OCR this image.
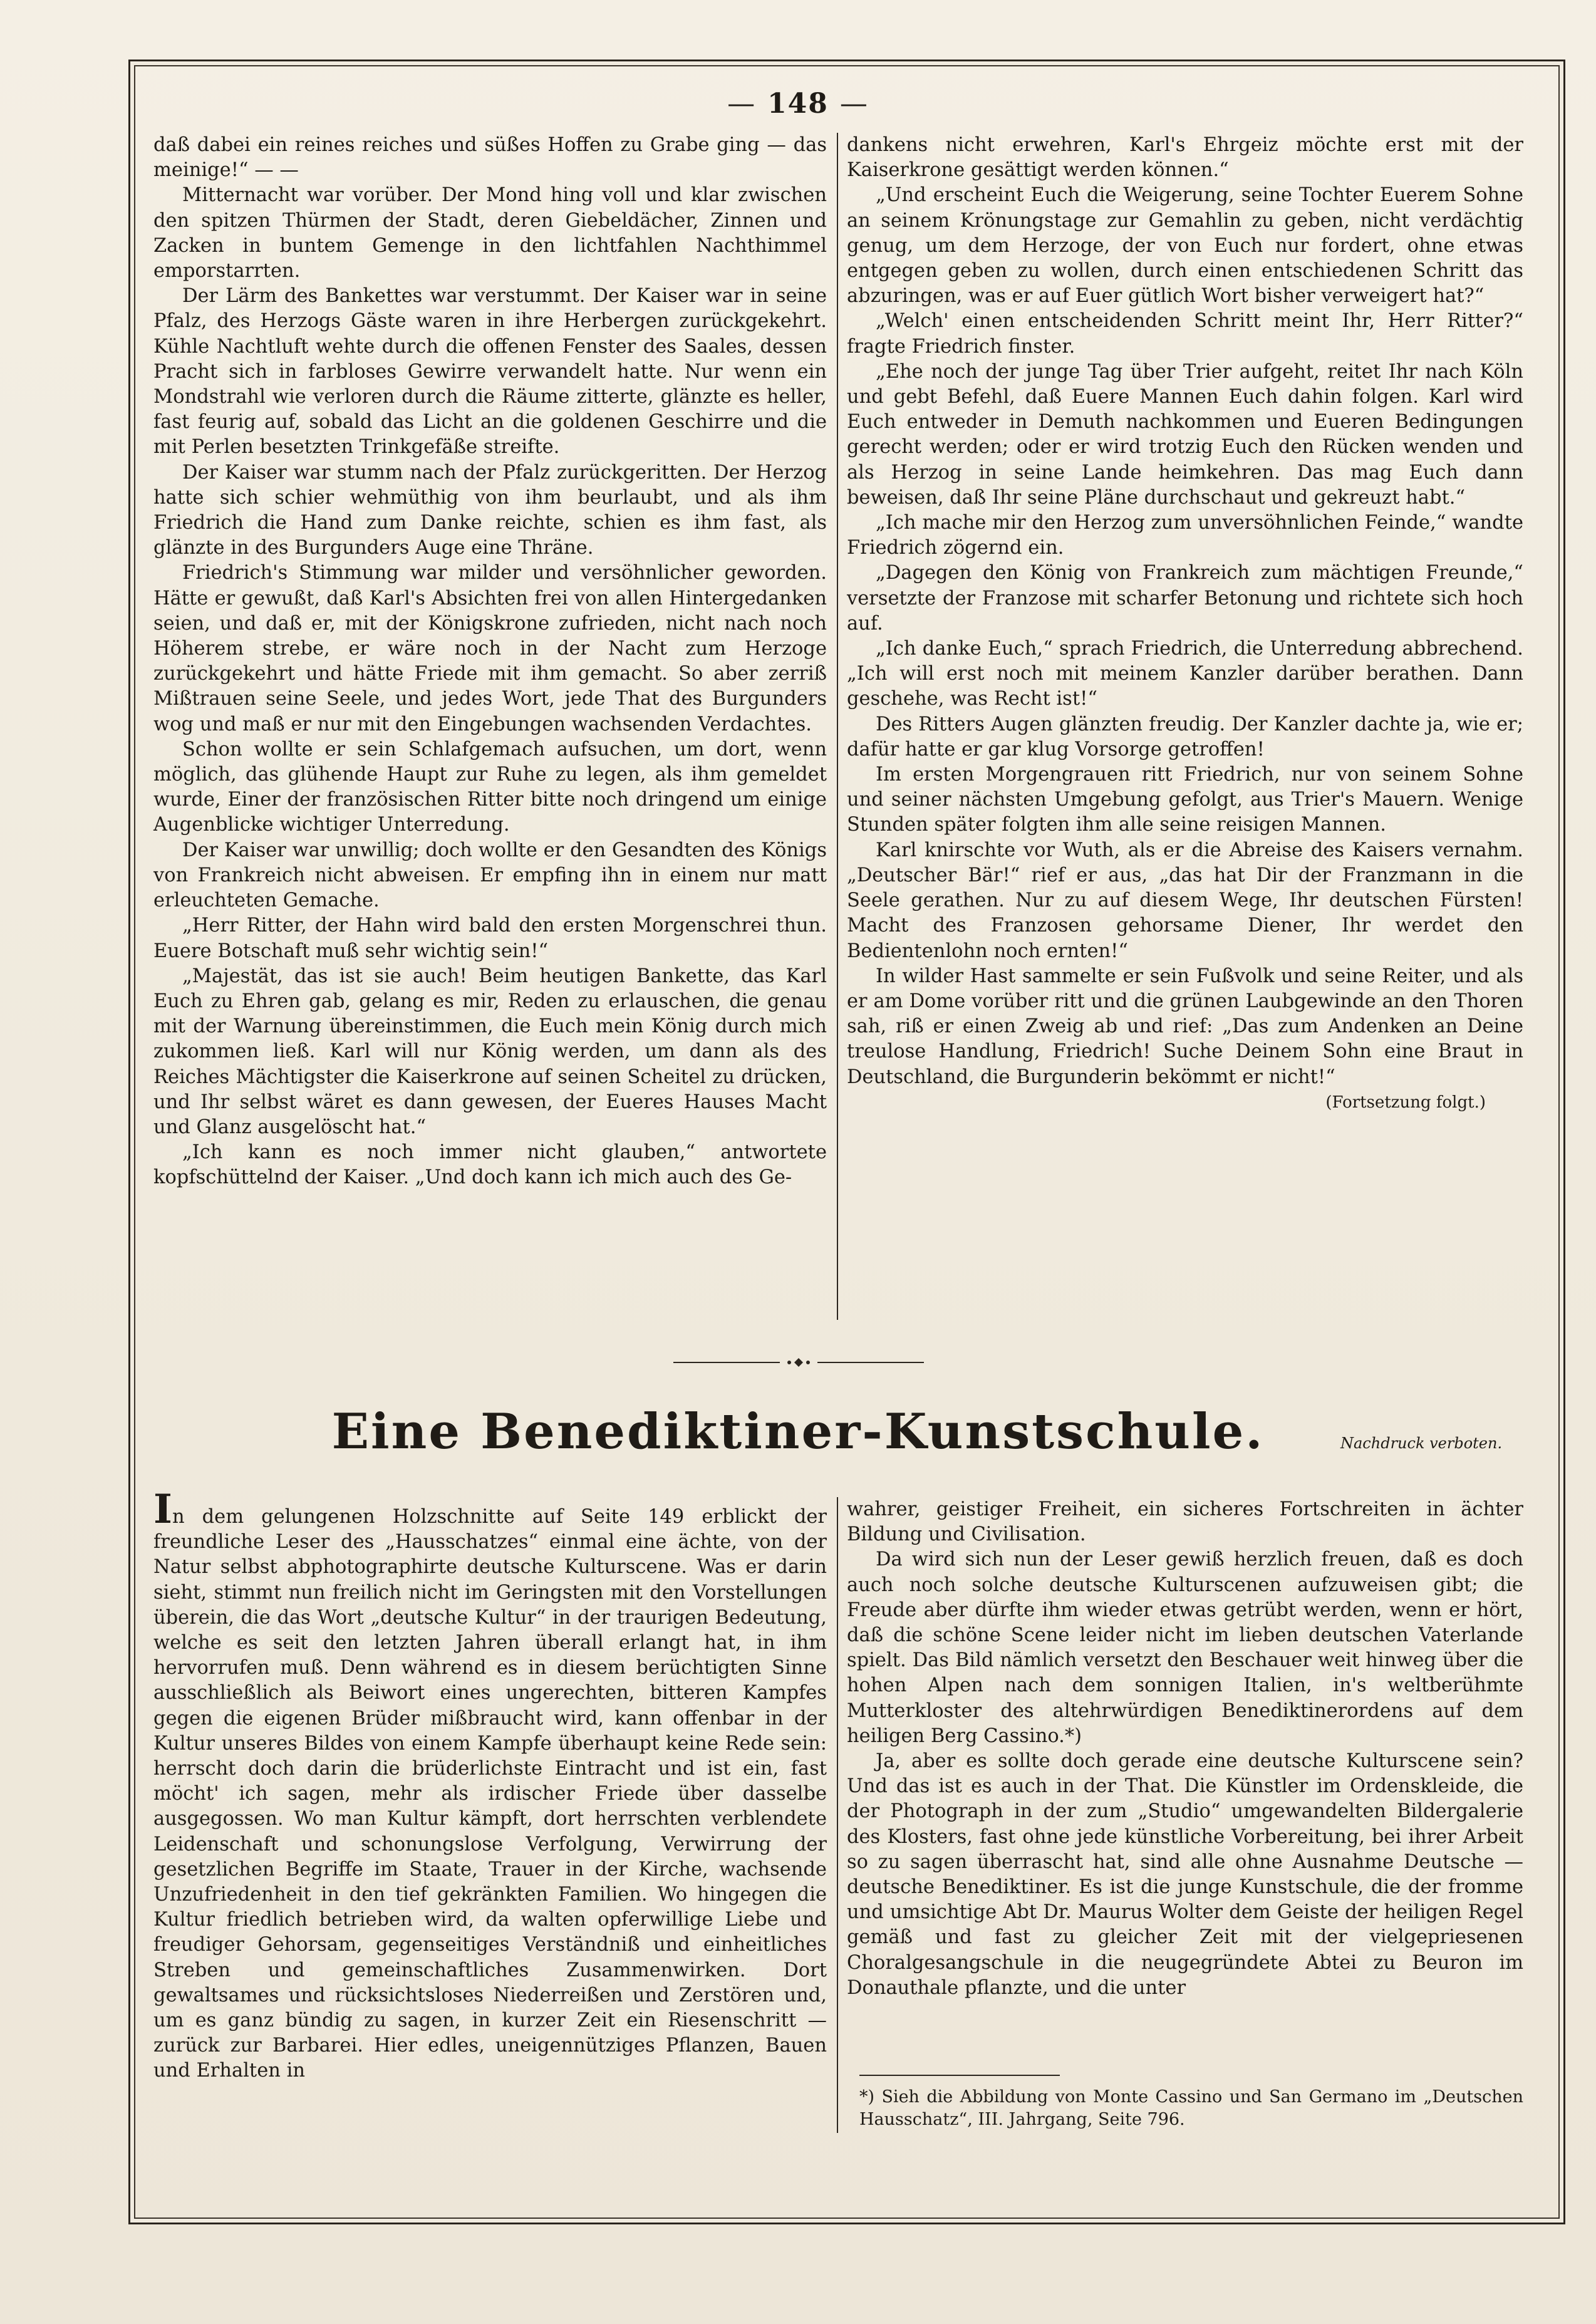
— 148 —

daß dabei ein reines reiches und süßes Hoffen zu Grabe ging — das meinige!“ — —

Mitternacht war vorüber. Der Mond hing voll und klar zwischen den spitzen Thürmen der Stadt, deren Giebeldächer, Zinnen und Zacken in buntem Gemenge in den lichtfahlen Nachthimmel emporstarrten.

Der Lärm des Bankettes war verstummt. Der Kaiser war in seine Pfalz, des Herzogs Gäste waren in ihre Herbergen zurückgekehrt. Kühle Nachtluft wehte durch die offenen Fenster des Saales, dessen Pracht sich in farbloses Gewirre verwandelt hatte. Nur wenn ein Mondstrahl wie verloren durch die Räume zitterte, glänzte es heller, fast feurig auf, sobald das Licht an die goldenen Geschirre und die mit Perlen besetzten Trinkgefäße streifte.

Der Kaiser war stumm nach der Pfalz zurückgeritten. Der Herzog hatte sich schier wehmüthig von ihm beurlaubt, und als ihm Friedrich die Hand zum Danke reichte, schien es ihm fast, als glänzte in des Burgunders Auge eine Thräne.

Friedrich's Stimmung war milder und versöhnlicher geworden. Hätte er gewußt, daß Karl's Absichten frei von allen Hintergedanken seien, und daß er, mit der Königskrone zufrieden, nicht nach noch Höherem strebe, er wäre noch in der Nacht zum Herzoge zurückgekehrt und hätte Friede mit ihm gemacht. So aber zerriß Mißtrauen seine Seele, und jedes Wort, jede That des Burgunders wog und maß er nur mit den Eingebungen wachsenden Verdachtes.

Schon wollte er sein Schlafgemach aufsuchen, um dort, wenn möglich, das glühende Haupt zur Ruhe zu legen, als ihm gemeldet wurde, Einer der französischen Ritter bitte noch dringend um einige Augenblicke wichtiger Unterredung.

Der Kaiser war unwillig; doch wollte er den Gesandten des Königs von Frankreich nicht abweisen. Er empfing ihn in einem nur matt erleuchteten Gemache.

„Herr Ritter, der Hahn wird bald den ersten Morgenschrei thun. Euere Botschaft muß sehr wichtig sein!“

„Majestät, das ist sie auch! Beim heutigen Bankette, das Karl Euch zu Ehren gab, gelang es mir, Reden zu erlauschen, die genau mit der Warnung übereinstimmen, die Euch mein König durch mich zukommen ließ. Karl will nur König werden, um dann als des Reiches Mächtigster die Kaiserkrone auf seinen Scheitel zu drücken, und Ihr selbst wäret es dann gewesen, der Eueres Hauses Macht und Glanz ausgelöscht hat.“

„Ich kann es noch immer nicht glauben,“ antwortete kopfschüttelnd der Kaiser. „Und doch kann ich mich auch des Ge-

dankens nicht erwehren, Karl's Ehrgeiz möchte erst mit der Kaiserkrone gesättigt werden können.“

„Und erscheint Euch die Weigerung, seine Tochter Euerem Sohne an seinem Krönungstage zur Gemahlin zu geben, nicht verdächtig genug, um dem Herzoge, der von Euch nur fordert, ohne etwas entgegen geben zu wollen, durch einen entschiedenen Schritt das abzuringen, was er auf Euer gütlich Wort bisher verweigert hat?“

„Welch' einen entscheidenden Schritt meint Ihr, Herr Ritter?“ fragte Friedrich finster.

„Ehe noch der junge Tag über Trier aufgeht, reitet Ihr nach Köln und gebt Befehl, daß Euere Mannen Euch dahin folgen. Karl wird Euch entweder in Demuth nachkommen und Eueren Bedingungen gerecht werden; oder er wird trotzig Euch den Rücken wenden und als Herzog in seine Lande heimkehren. Das mag Euch dann beweisen, daß Ihr seine Pläne durchschaut und gekreuzt habt.“

„Ich mache mir den Herzog zum unversöhnlichen Feinde,“ wandte Friedrich zögernd ein.

„Dagegen den König von Frankreich zum mächtigen Freunde,“ versetzte der Franzose mit scharfer Betonung und richtete sich hoch auf.

„Ich danke Euch,“ sprach Friedrich, die Unterredung abbrechend. „Ich will erst noch mit meinem Kanzler darüber berathen. Dann geschehe, was Recht ist!“

Des Ritters Augen glänzten freudig. Der Kanzler dachte ja, wie er; dafür hatte er gar klug Vorsorge getroffen!

Im ersten Morgengrauen ritt Friedrich, nur von seinem Sohne und seiner nächsten Umgebung gefolgt, aus Trier's Mauern. Wenige Stunden später folgten ihm alle seine reisigen Mannen.

Karl knirschte vor Wuth, als er die Abreise des Kaisers vernahm. „Deutscher Bär!“ rief er aus, „das hat Dir der Franzmann in die Seele gerathen. Nur zu auf diesem Wege, Ihr deutschen Fürsten! Macht des Franzosen gehorsame Diener, Ihr werdet den Bedientenlohn noch ernten!“

In wilder Hast sammelte er sein Fußvolk und seine Reiter, und als er am Dome vorüber ritt und die grünen Laubgewinde an den Thoren sah, riß er einen Zweig ab und rief: „Das zum Andenken an Deine treulose Handlung, Friedrich! Suche Deinem Sohn eine Braut in Deutschland, die Burgunderin bekömmt er nicht!“

(Fortsetzung folgt.)

Eine Benediktiner-Kunstschule.	Nachdruck verboten.

In dem gelungenen Holzschnitte auf Seite 149 erblickt der freundliche Leser des „Hausschatzes“ einmal eine ächte, von der Natur selbst abphotographirte deutsche Kulturscene. Was er darin sieht, stimmt nun freilich nicht im Geringsten mit den Vorstellungen überein, die das Wort „deutsche Kultur“ in der traurigen Bedeutung, welche es seit den letzten Jahren überall erlangt hat, in ihm hervorrufen muß. Denn während es in diesem berüchtigten Sinne ausschließlich als Beiwort eines ungerechten, bitteren Kampfes gegen die eigenen Brüder mißbraucht wird, kann offenbar in der Kultur unseres Bildes von einem Kampfe überhaupt keine Rede sein: herrscht doch darin die brüderlichste Eintracht und ist ein, fast möcht' ich sagen, mehr als irdischer Friede über dasselbe ausgegossen. Wo man Kultur kämpft, dort herrschten verblendete Leidenschaft und schonungslose Verfolgung, Verwirrung der gesetzlichen Begriffe im Staate, Trauer in der Kirche, wachsende Unzufriedenheit in den tief gekränkten Familien. Wo hingegen die Kultur friedlich betrieben wird, da walten opferwillige Liebe und freudiger Gehorsam, gegenseitiges Verständniß und einheitliches Streben und gemeinschaftliches Zusammenwirken. Dort gewaltsames und rücksichtsloses Niederreißen und Zerstören und, um es ganz bündig zu sagen, in kurzer Zeit ein Riesenschritt — zurück zur Barbarei. Hier edles, uneigennütziges Pflanzen, Bauen und Erhalten in

wahrer, geistiger Freiheit, ein sicheres Fortschreiten in ächter Bildung und Civilisation.

Da wird sich nun der Leser gewiß herzlich freuen, daß es doch auch noch solche deutsche Kulturscenen aufzuweisen gibt; die Freude aber dürfte ihm wieder etwas getrübt werden, wenn er hört, daß die schöne Scene leider nicht im lieben deutschen Vaterlande spielt. Das Bild nämlich versetzt den Beschauer weit hinweg über die hohen Alpen nach dem sonnigen Italien, in's weltberühmte Mutterkloster des altehrwürdigen Benediktinerordens auf dem heiligen Berg Cassino.*)

Ja, aber es sollte doch gerade eine deutsche Kulturscene sein? Und das ist es auch in der That. Die Künstler im Ordenskleide, die der Photograph in der zum „Studio“ umgewandelten Bildergalerie des Klosters, fast ohne jede künstliche Vorbereitung, bei ihrer Arbeit so zu sagen überrascht hat, sind alle ohne Ausnahme Deutsche — deutsche Benediktiner. Es ist die junge Kunstschule, die der fromme und umsichtige Abt Dr. Maurus Wolter dem Geiste der heiligen Regel gemäß und fast zu gleicher Zeit mit der vielgepriesenen Choralgesangschule in die neugegründete Abtei zu Beuron im Donauthale pflanzte, und die unter

*) Sieh die Abbildung von Monte Cassino und San Germano im „Deutschen Hausschatz“, III. Jahrgang, Seite 796.
